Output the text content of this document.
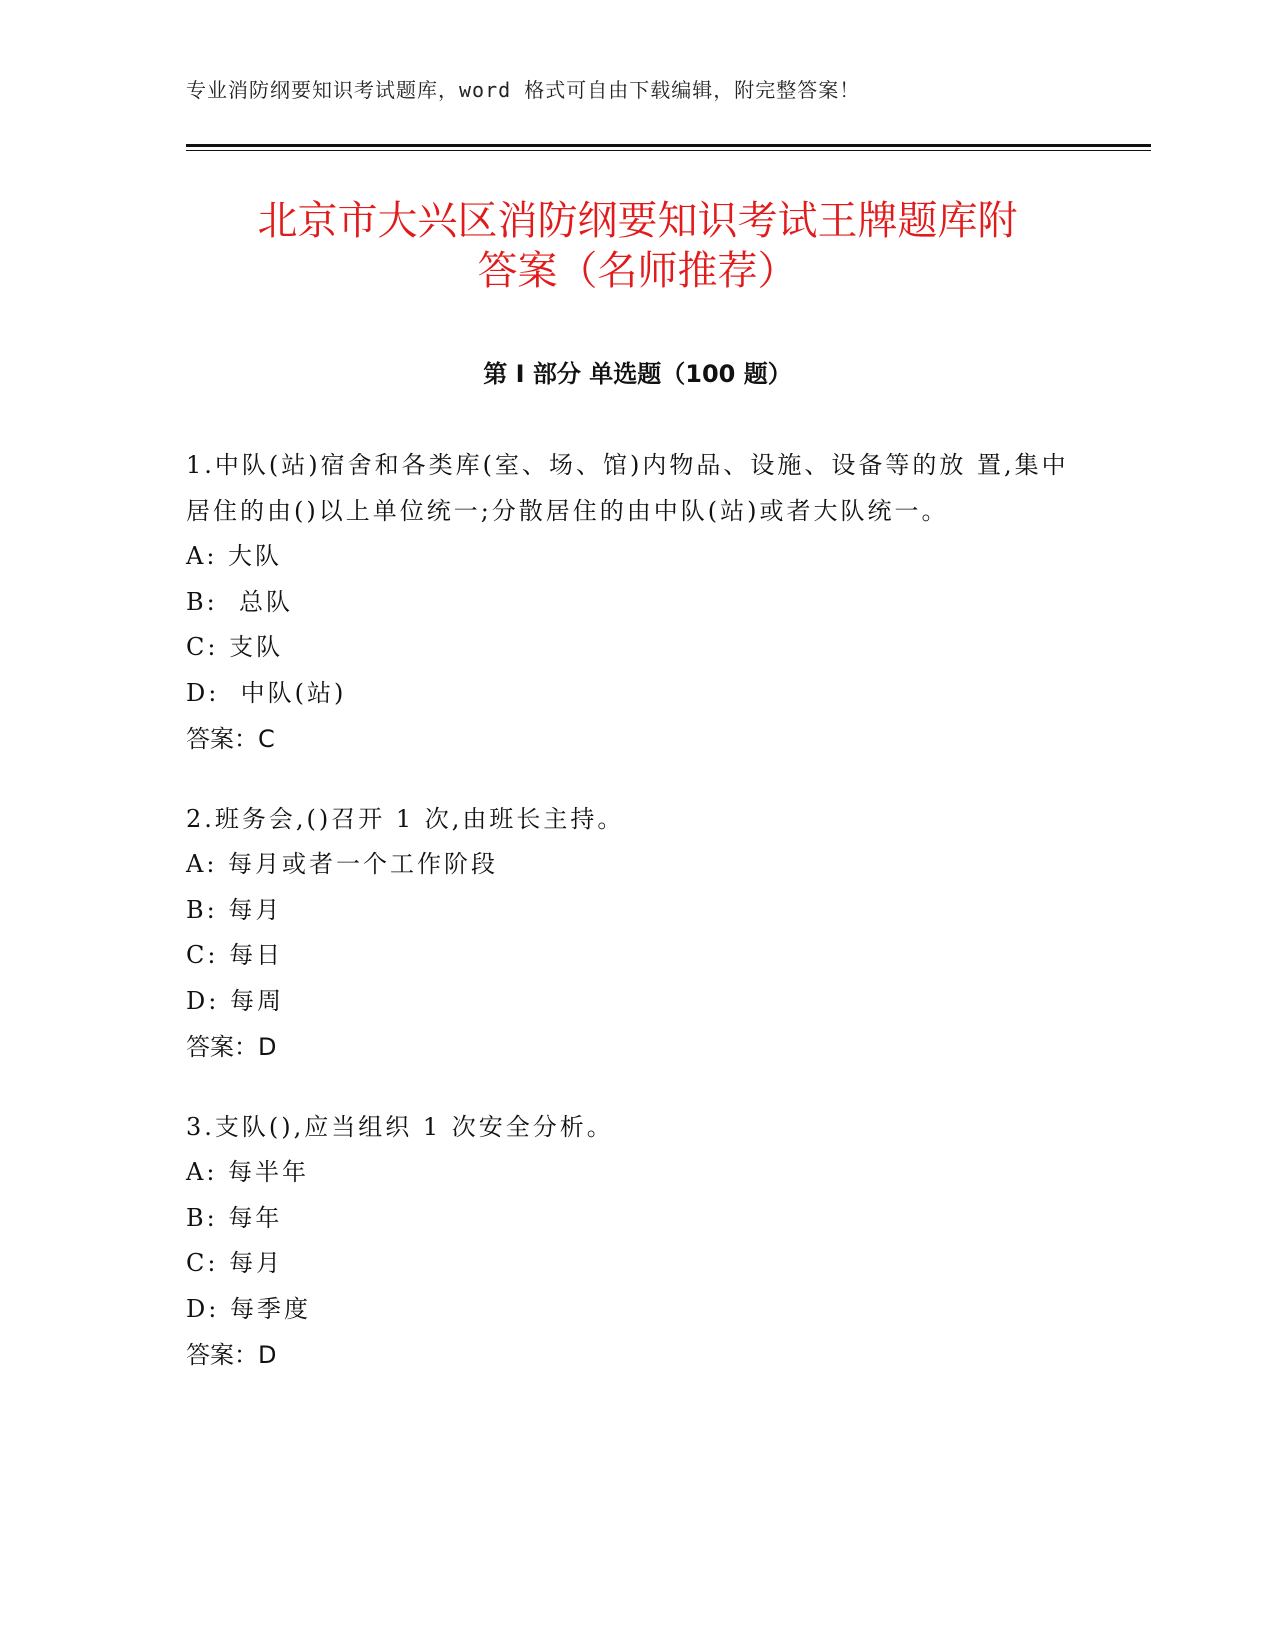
专业消防纲要知识考试题库，word 格式可自由下载编辑，附完整答案！
北京市大兴区消防纲要知识考试王牌题库附
答案（名师推荐）
第 I 部分 单选题（100 题）

1.中队(站)宿舍和各类库(室、场、馆)内物品、设施、设备等的放 置,集中居住的由()以上单位统一;分散居住的由中队(站)或者大队统一。

A: 大队
B:  总队
C: 支队
D:  中队(站)
答案：C

2.班务会,()召开 1 次,由班长主持。

A: 每月或者一个工作阶段
B: 每月
C: 每日
D: 每周
答案：D

3.支队(),应当组织 1 次安全分析。

A: 每半年
B: 每年
C: 每月
D: 每季度
答案：D
